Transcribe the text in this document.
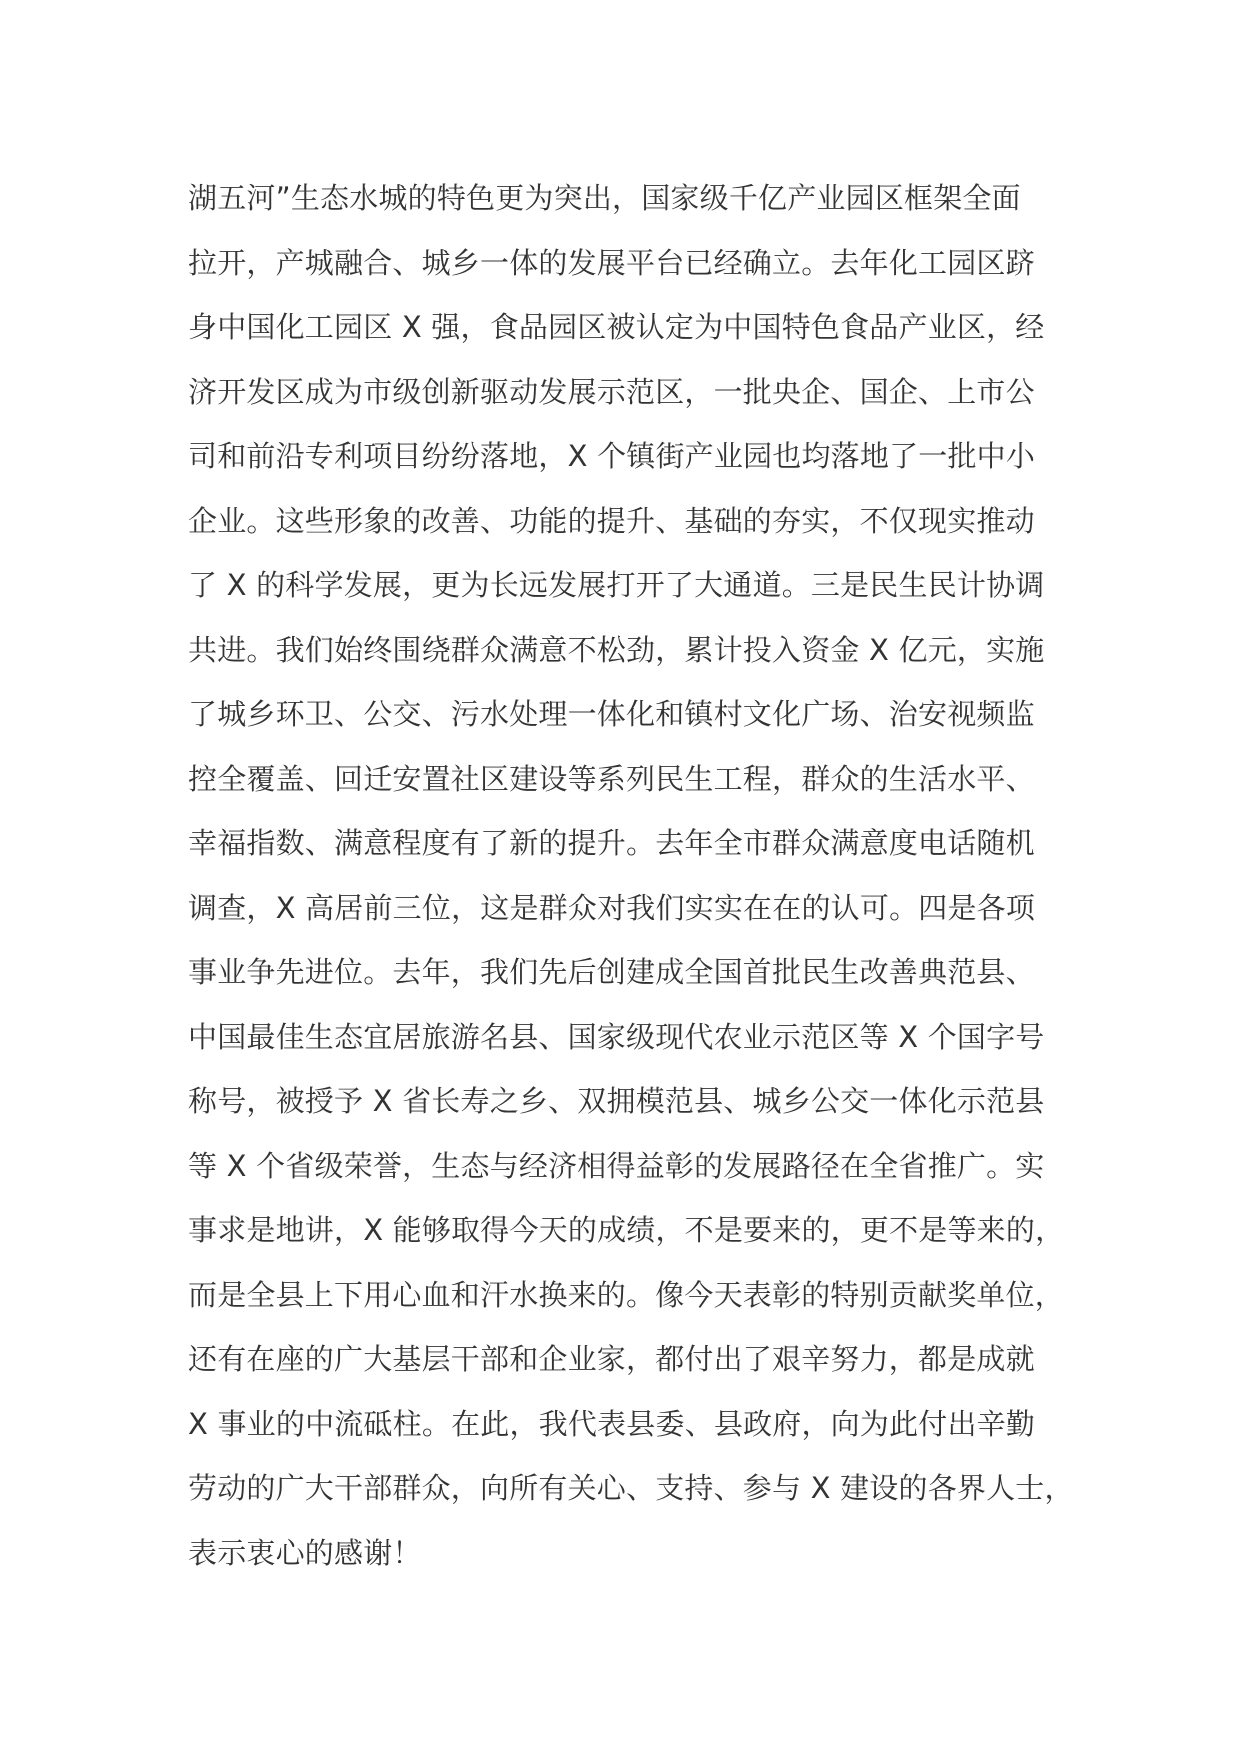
湖五河”生态水城的特色更为突出，国家级千亿产业园区框架全面
拉开，产城融合、城乡一体的发展平台已经确立。去年化工园区跻
身中国化工园区 X 强，食品园区被认定为中国特色食品产业区，经
济开发区成为市级创新驱动发展示范区，一批央企、国企、上市公
司和前沿专利项目纷纷落地，X 个镇街产业园也均落地了一批中小
企业。这些形象的改善、功能的提升、基础的夯实，不仅现实推动
了 X 的科学发展，更为长远发展打开了大通道。三是民生民计协调
共进。我们始终围绕群众满意不松劲，累计投入资金 X 亿元，实施
了城乡环卫、公交、污水处理一体化和镇村文化广场、治安视频监
控全覆盖、回迁安置社区建设等系列民生工程，群众的生活水平、
幸福指数、满意程度有了新的提升。去年全市群众满意度电话随机
调查，X 高居前三位，这是群众对我们实实在在的认可。四是各项
事业争先进位。去年，我们先后创建成全国首批民生改善典范县、
中国最佳生态宜居旅游名县、国家级现代农业示范区等 X 个国字号
称号，被授予 X 省长寿之乡、双拥模范县、城乡公交一体化示范县
等 X 个省级荣誉，生态与经济相得益彰的发展路径在全省推广。实
事求是地讲，X 能够取得今天的成绩，不是要来的，更不是等来的，
而是全县上下用心血和汗水换来的。像今天表彰的特别贡献奖单位，
还有在座的广大基层干部和企业家，都付出了艰辛努力，都是成就
X 事业的中流砥柱。在此，我代表县委、县政府，向为此付出辛勤
劳动的广大干部群众，向所有关心、支持、参与 X 建设的各界人士，
表示衷心的感谢！
